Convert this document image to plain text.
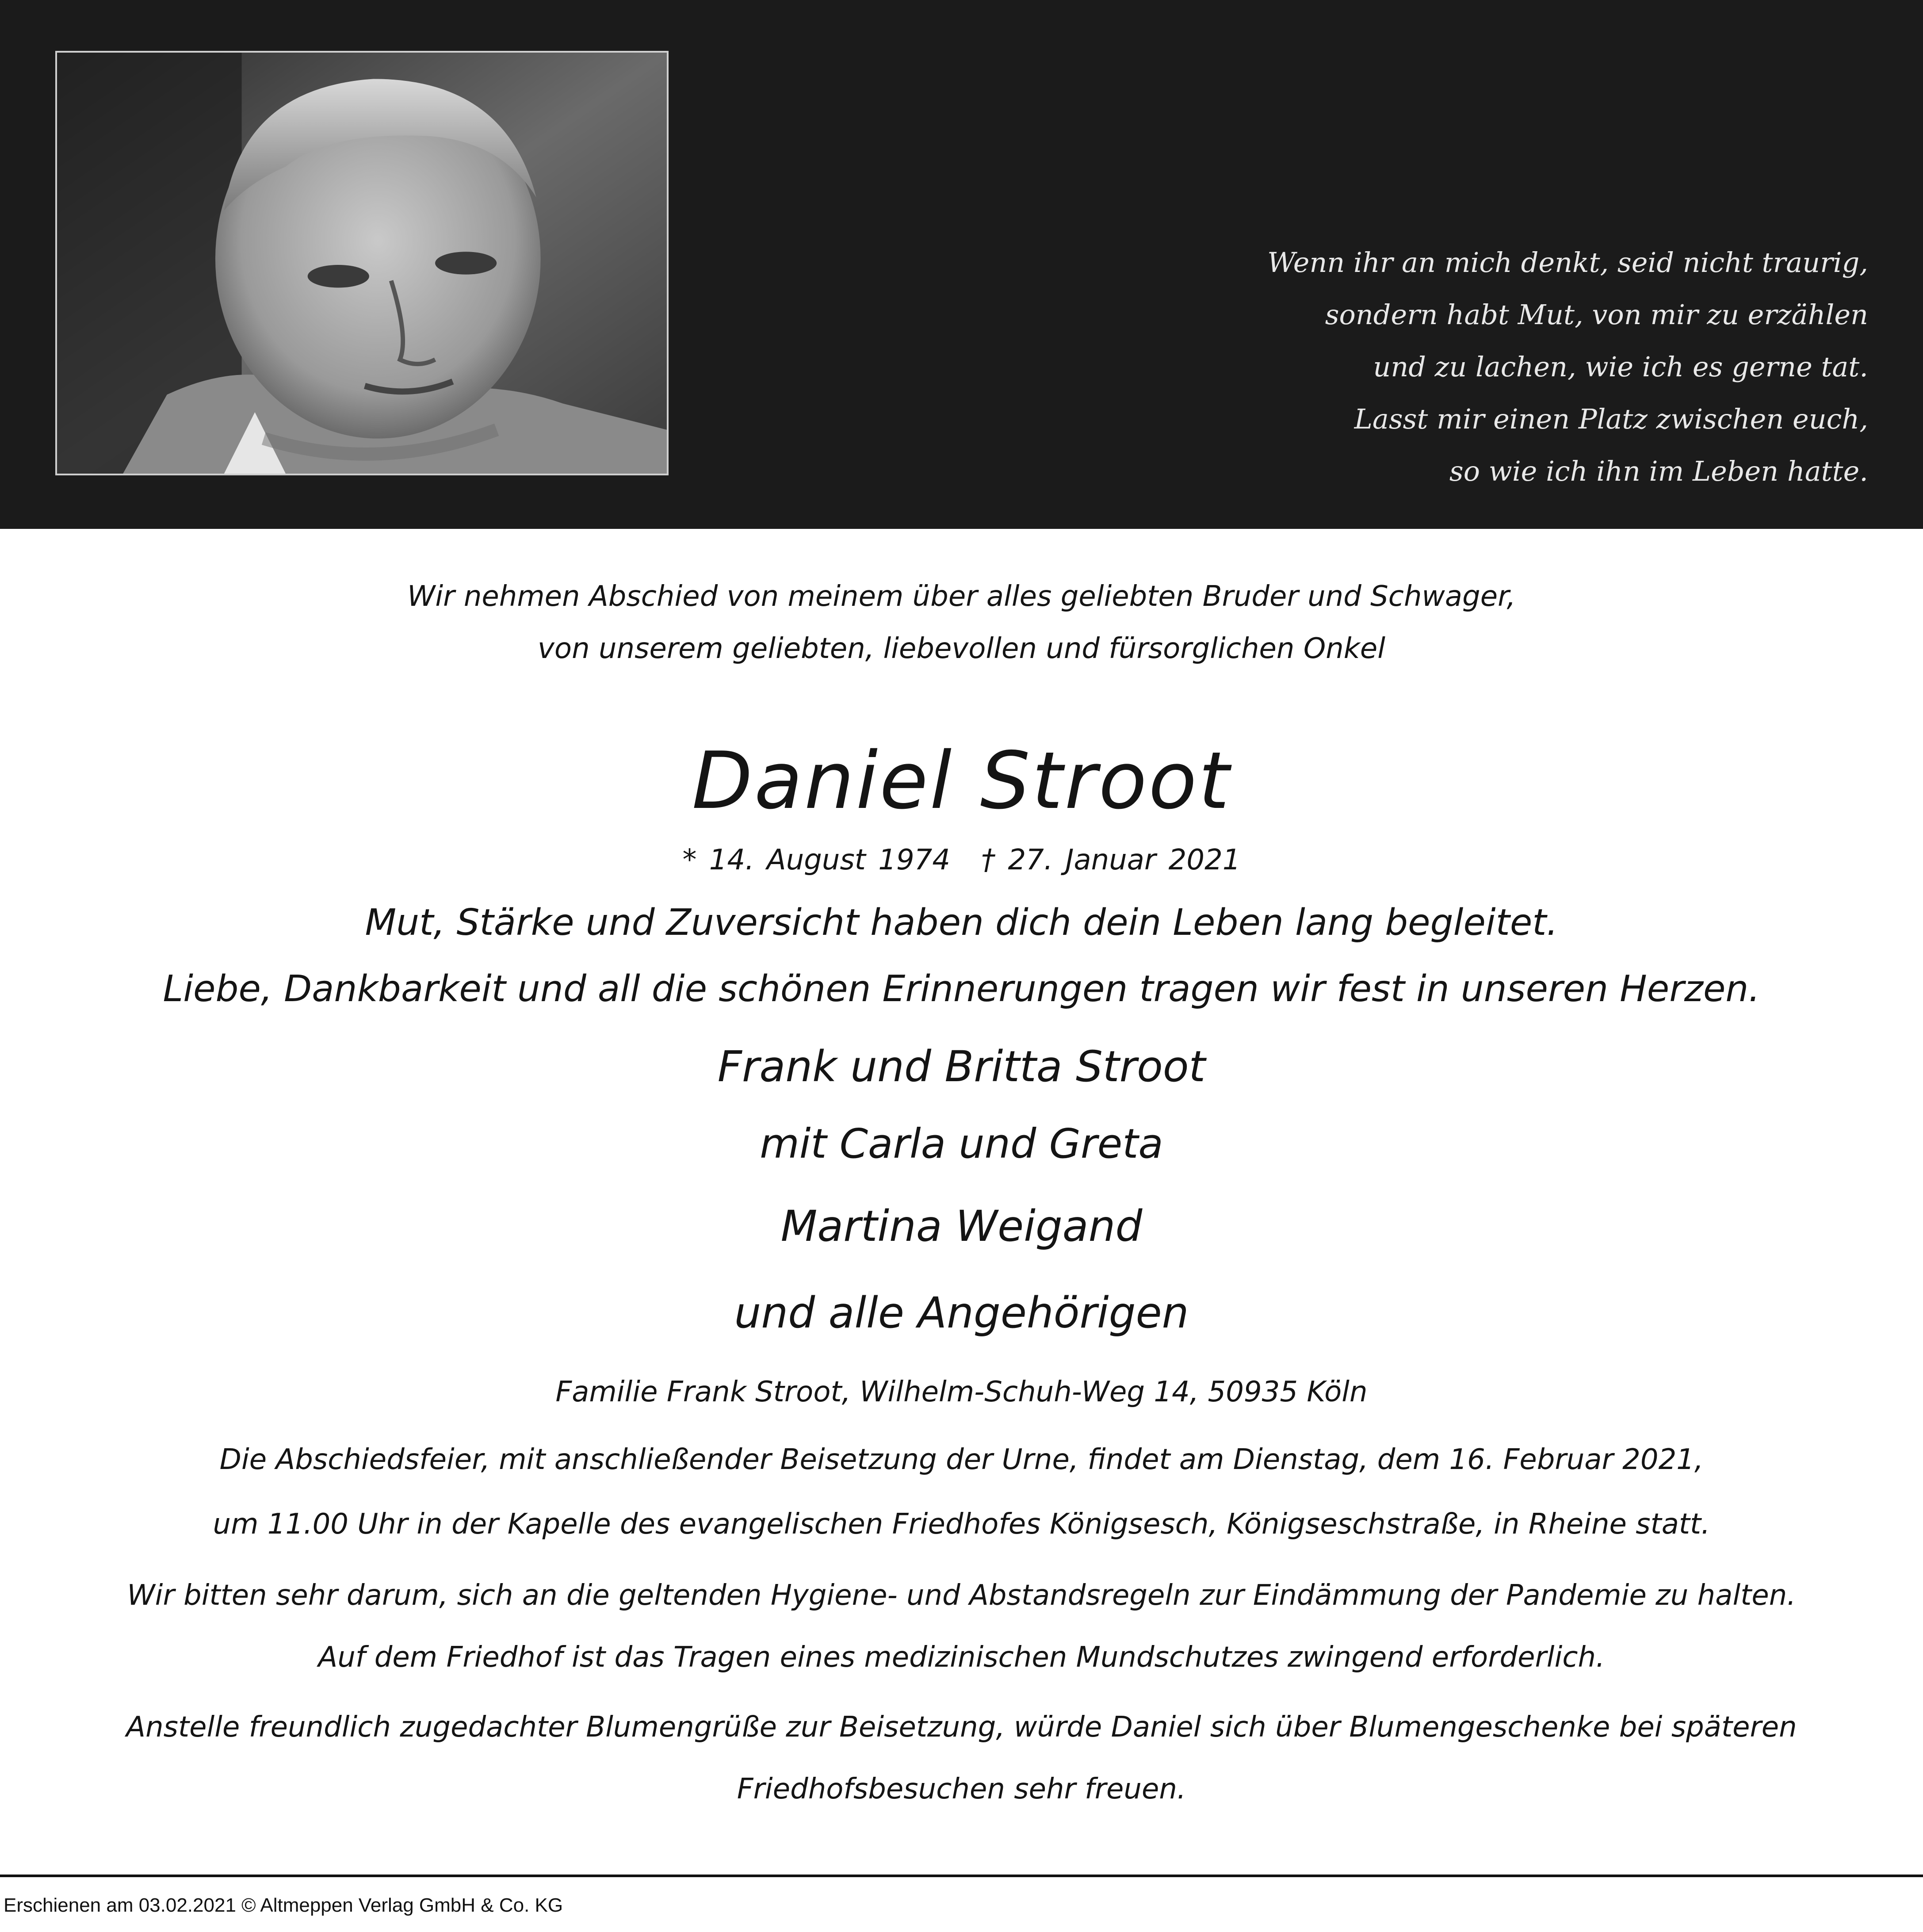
Wenn ihr an mich denkt, seid nicht traurig,
sondern habt Mut, von mir zu erzählen
und zu lachen, wie ich es gerne tat.
Lasst mir einen Platz zwischen euch,
so wie ich ihn im Leben hatte.
Wir nehmen Abschied von meinem über alles geliebten Bruder und Schwager,
von unserem geliebten, liebevollen und fürsorglichen Onkel
Daniel Stroot
* 14. August 1974 † 27. Januar 2021
Mut, Stärke und Zuversicht haben dich dein Leben lang begleitet.
Liebe, Dankbarkeit und all die schönen Erinnerungen tragen wir fest in unseren Herzen.
Frank und Britta Stroot
mit Carla und Greta
Martina Weigand
und alle Angehörigen
Familie Frank Stroot, Wilhelm-Schuh-Weg 14, 50935 Köln
Die Abschiedsfeier, mit anschließender Beisetzung der Urne, findet am Dienstag, dem 16. Februar 2021,
um 11.00 Uhr in der Kapelle des evangelischen Friedhofes Königsesch, Königseschstraße, in Rheine statt.
Wir bitten sehr darum, sich an die geltenden Hygiene- und Abstandsregeln zur Eindämmung der Pandemie zu halten.
Auf dem Friedhof ist das Tragen eines medizinischen Mundschutzes zwingend erforderlich.
Anstelle freundlich zugedachter Blumengrüße zur Beisetzung, würde Daniel sich über Blumengeschenke bei späteren
Friedhofsbesuchen sehr freuen.
Erschienen am 03.02.2021 © Altmeppen Verlag GmbH & Co. KG
